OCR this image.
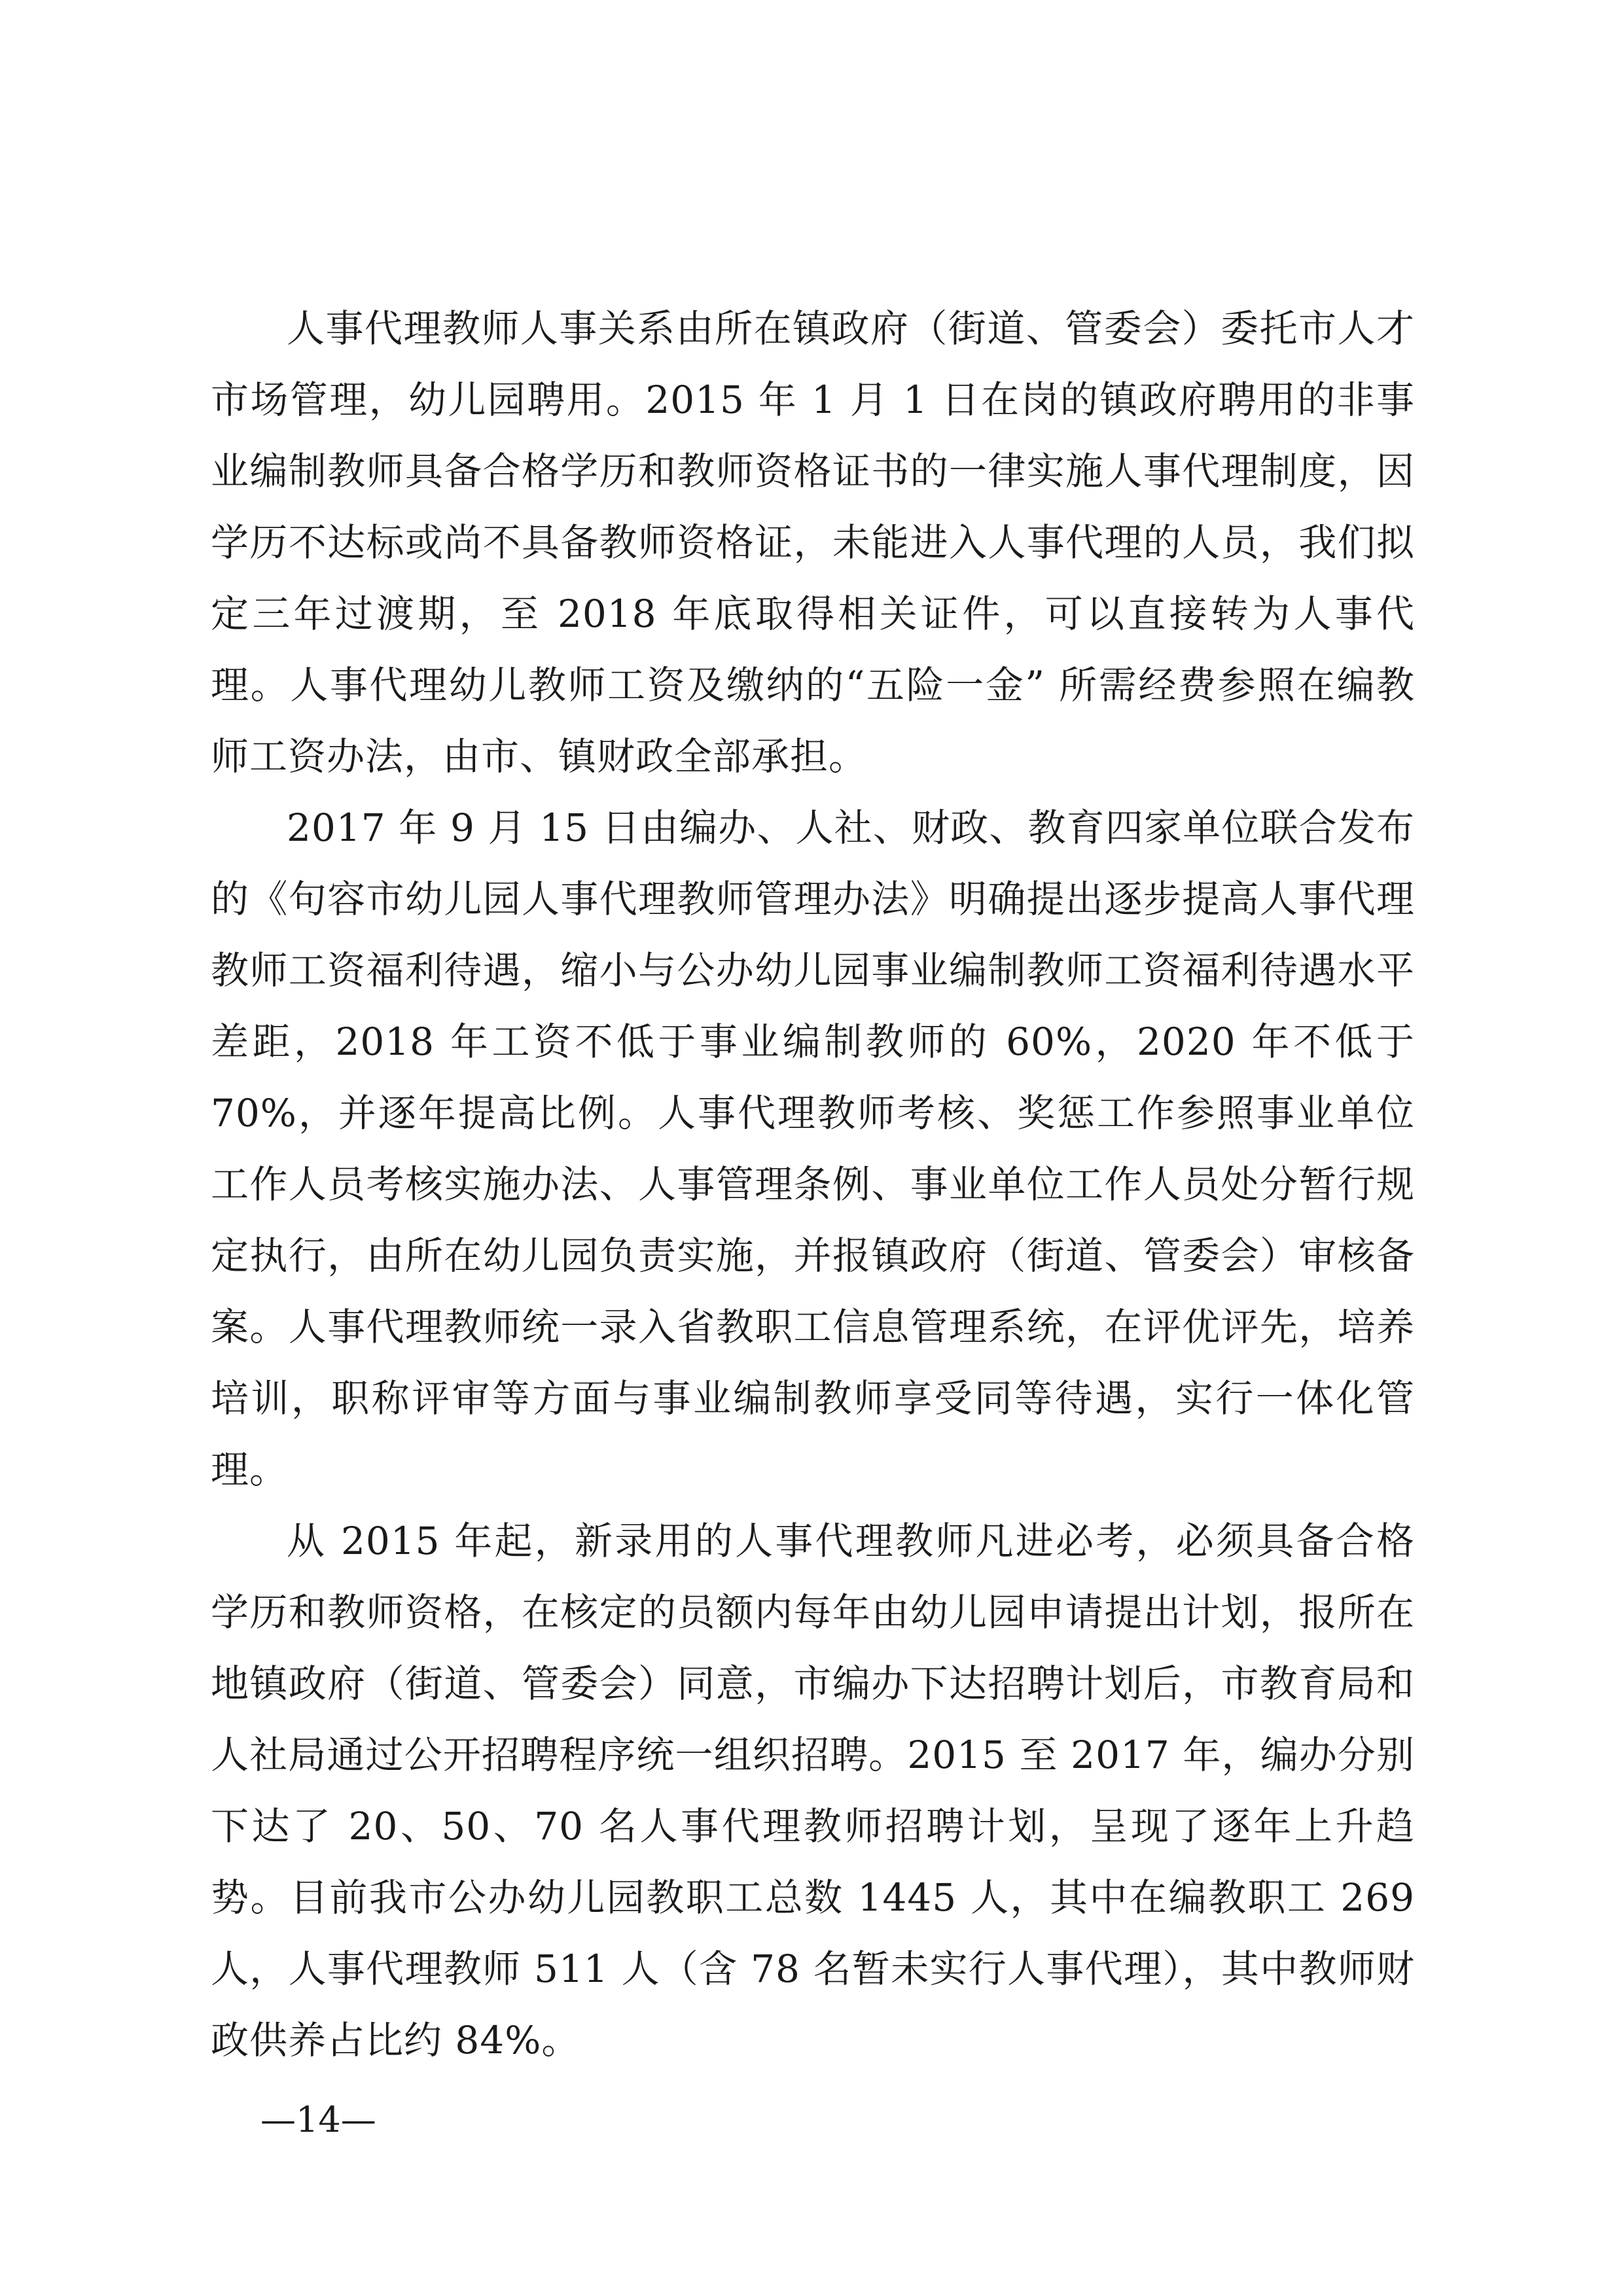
人事代理教师人事关系由所在镇政府（街道、管委会）委托市人才市场管理，幼儿园聘用。2015 年 1 月 1 日在岗的镇政府聘用的非事业编制教师具备合格学历和教师资格证书的一律实施人事代理制度，因学历不达标或尚不具备教师资格证，未能进入人事代理的人员，我们拟定三年过渡期，至 2018 年底取得相关证件，可以直接转为人事代理。人事代理幼儿教师工资及缴纳的“五险一金” 所需经费参照在编教师工资办法，由市、镇财政全部承担。

2017 年 9 月 15 日由编办、人社、财政、教育四家单位联合发布的《句容市幼儿园人事代理教师管理办法》明确提出逐步提高人事代理教师工资福利待遇，缩小与公办幼儿园事业编制教师工资福利待遇水平差距，2018 年工资不低于事业编制教师的 60%，2020 年不低于 70%，并逐年提高比例。人事代理教师考核、奖惩工作参照事业单位工作人员考核实施办法、人事管理条例、事业单位工作人员处分暂行规定执行，由所在幼儿园负责实施，并报镇政府（街道、管委会）审核备案。人事代理教师统一录入省教职工信息管理系统，在评优评先，培养培训，职称评审等方面与事业编制教师享受同等待遇，实行一体化管理。

从 2015 年起，新录用的人事代理教师凡进必考，必须具备合格学历和教师资格，在核定的员额内每年由幼儿园申请提出计划，报所在地镇政府（街道、管委会）同意，市编办下达招聘计划后，市教育局和人社局通过公开招聘程序统一组织招聘。2015 至 2017 年，编办分别下达了 20、50、70 名人事代理教师招聘计划，呈现了逐年上升趋势。目前我市公办幼儿园教职工总数 1445 人，其中在编教职工 269 人，人事代理教师 511 人（含 78 名暂未实行人事代理），其中教师财政供养占比约 84%。

—14—
